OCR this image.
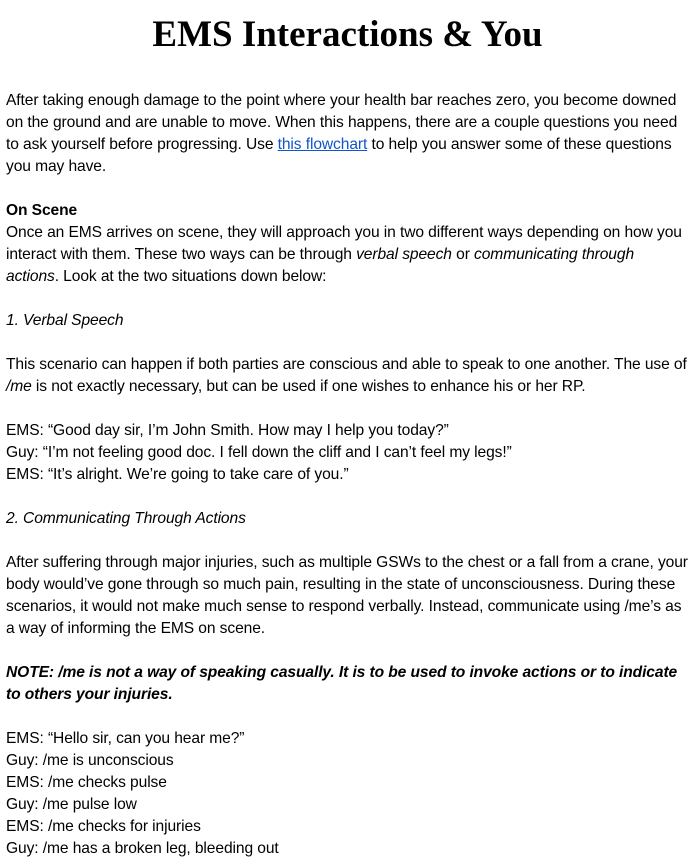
EMS Interactions & You

After taking enough damage to the point where your health bar reaches zero, you become downed on the ground and are unable to move. When this happens, there are a couple questions you need to ask yourself before progressing. Use this flowchart to help you answer some of these questions you may have.

On Scene

Once an EMS arrives on scene, they will approach you in two different ways depending on how you interact with them. These two ways can be through verbal speech or communicating through actions. Look at the two situations down below:

1. Verbal Speech

This scenario can happen if both parties are conscious and able to speak to one another. The use of /me is not exactly necessary, but can be used if one wishes to enhance his or her RP.

EMS: “Good day sir, I’m John Smith. How may I help you today?”

Guy: “I’m not feeling good doc. I fell down the cliff and I can’t feel my legs!”

EMS: “It’s alright. We’re going to take care of you.”

2. Communicating Through Actions

After suffering through major injuries, such as multiple GSWs to the chest or a fall from a crane, your body would’ve gone through so much pain, resulting in the state of unconsciousness. During these scenarios, it would not make much sense to respond verbally. Instead, communicate using /me’s as a way of informing the EMS on scene.

NOTE: /me is not a way of speaking casually. It is to be used to invoke actions or to indicate to others your injuries.

EMS: “Hello sir, can you hear me?”

Guy: /me is unconscious

EMS: /me checks pulse

Guy: /me pulse low

EMS: /me checks for injuries

Guy: /me has a broken leg, bleeding out
